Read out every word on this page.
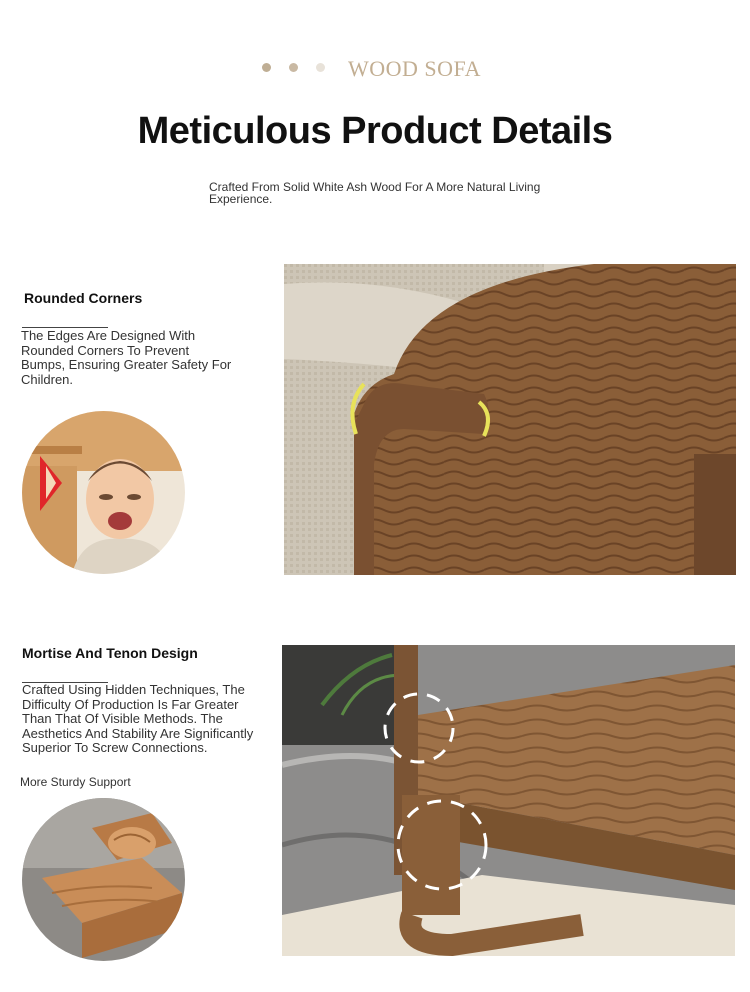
WOOD SOFA
Meticulous Product Details
Crafted From Solid White Ash Wood For A More Natural Living Experience.
Rounded Corners
The Edges Are Designed With Rounded Corners To Prevent Bumps, Ensuring Greater Safety For Children.
Mortise And Tenon Design
Crafted Using Hidden Techniques, The Difficulty Of Production Is Far Greater Than That Of Visible Methods. The Aesthetics And Stability Are Significantly Superior To Screw Connections.
More Sturdy Support
